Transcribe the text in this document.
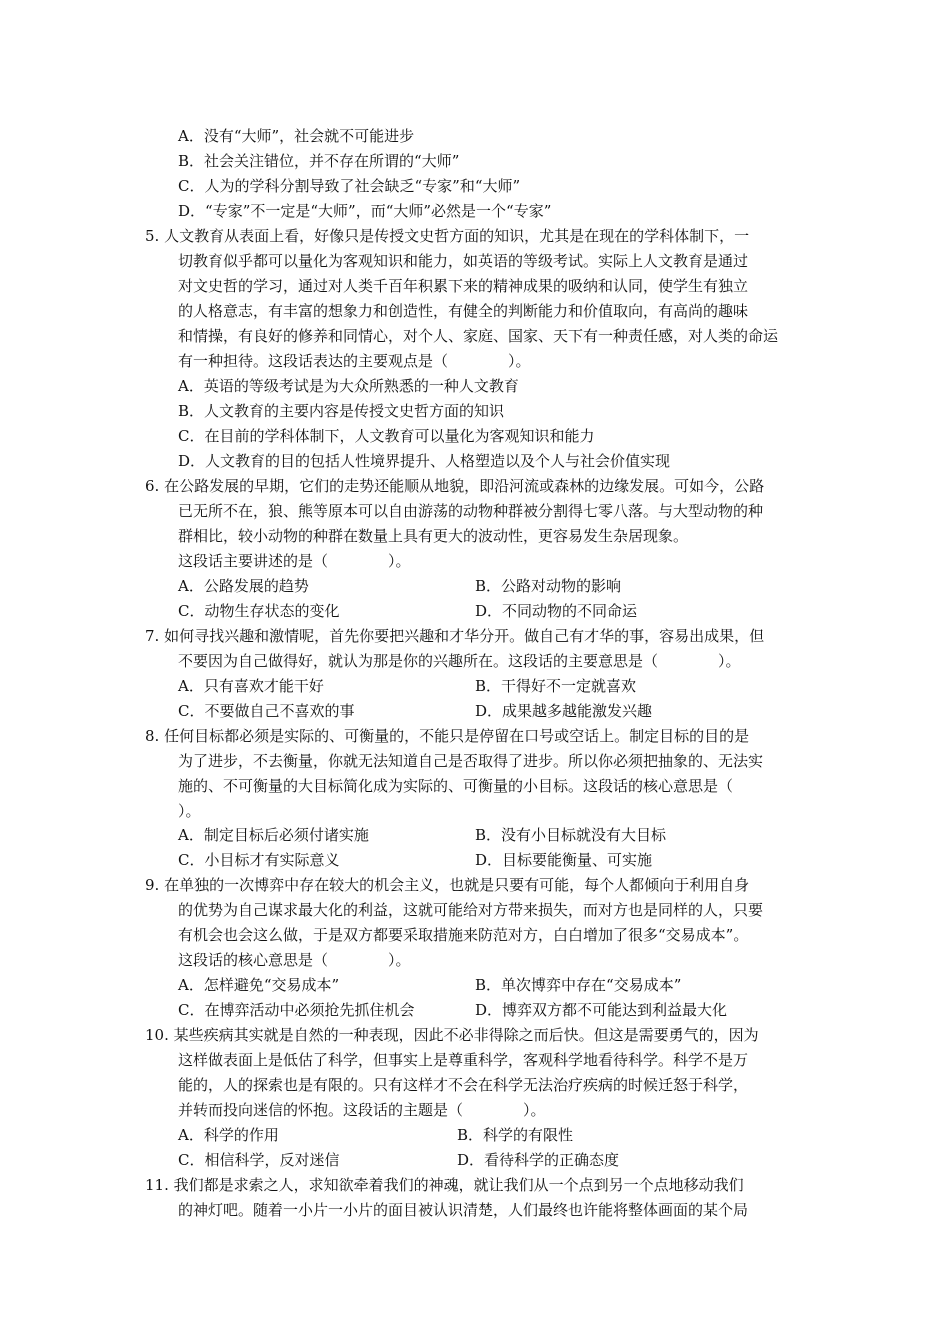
A．没有“大师”，社会就不可能进步
B．社会关注错位，并不存在所谓的“大师”
C．人为的学科分割导致了社会缺乏“专家”和“大师”
D．“专家”不一定是“大师”，而“大师”必然是一个“专家”
5. 人文教育从表面上看，好像只是传授文史哲方面的知识，尤其是在现在的学科体制下，一
切教育似乎都可以量化为客观知识和能力，如英语的等级考试。实际上人文教育是通过
对文史哲的学习，通过对人类千百年积累下来的精神成果的吸纳和认同，使学生有独立
的人格意志，有丰富的想象力和创造性，有健全的判断能力和价值取向，有高尚的趣味
和情操，有良好的修养和同情心，对个人、家庭、国家、天下有一种责任感，对人类的命运
有一种担待。这段话表达的主要观点是（　　　　）。
A．英语的等级考试是为大众所熟悉的一种人文教育
B．人文教育的主要内容是传授文史哲方面的知识
C．在目前的学科体制下，人文教育可以量化为客观知识和能力
D．人文教育的目的包括人性境界提升、人格塑造以及个人与社会价值实现
6. 在公路发展的早期，它们的走势还能顺从地貌，即沿河流或森林的边缘发展。可如今，公路
已无所不在，狼、熊等原本可以自由游荡的动物种群被分割得七零八落。与大型动物的种
群相比，较小动物的种群在数量上具有更大的波动性，更容易发生杂居现象。
这段话主要讲述的是（　　　　）。
A．公路发展的趋势	B．公路对动物的影响
C．动物生存状态的变化	D．不同动物的不同命运
7. 如何寻找兴趣和激情呢，首先你要把兴趣和才华分开。做自己有才华的事，容易出成果，但
不要因为自己做得好，就认为那是你的兴趣所在。这段话的主要意思是（　　　　）。
A．只有喜欢才能干好	B．干得好不一定就喜欢
C．不要做自己不喜欢的事	D．成果越多越能激发兴趣
8. 任何目标都必须是实际的、可衡量的，不能只是停留在口号或空话上。制定目标的目的是
为了进步，不去衡量，你就无法知道自己是否取得了进步。所以你必须把抽象的、无法实
施的、不可衡量的大目标简化成为实际的、可衡量的小目标。这段话的核心意思是（
）。
A．制定目标后必须付诸实施	B．没有小目标就没有大目标
C．小目标才有实际意义	D．目标要能衡量、可实施
9. 在单独的一次博弈中存在较大的机会主义，也就是只要有可能，每个人都倾向于利用自身
的优势为自己谋求最大化的利益，这就可能给对方带来损失，而对方也是同样的人，只要
有机会也会这么做，于是双方都要采取措施来防范对方，白白增加了很多“交易成本”。
这段话的核心意思是（　　　　）。
A．怎样避免“交易成本”	B．单次博弈中存在“交易成本”
C．在博弈活动中必须抢先抓住机会	D．博弈双方都不可能达到利益最大化
10. 某些疾病其实就是自然的一种表现，因此不必非得除之而后快。但这是需要勇气的，因为
这样做表面上是低估了科学，但事实上是尊重科学，客观科学地看待科学。科学不是万
能的，人的探索也是有限的。只有这样才不会在科学无法治疗疾病的时候迁怒于科学，
并转而投向迷信的怀抱。这段话的主题是（　　　　）。
A．科学的作用	B．科学的有限性
C．相信科学，反对迷信	D．看待科学的正确态度
11. 我们都是求索之人，求知欲牵着我们的神魂，就让我们从一个点到另一个点地移动我们
的神灯吧。随着一小片一小片的面目被认识清楚，人们最终也许能将整体画面的某个局
